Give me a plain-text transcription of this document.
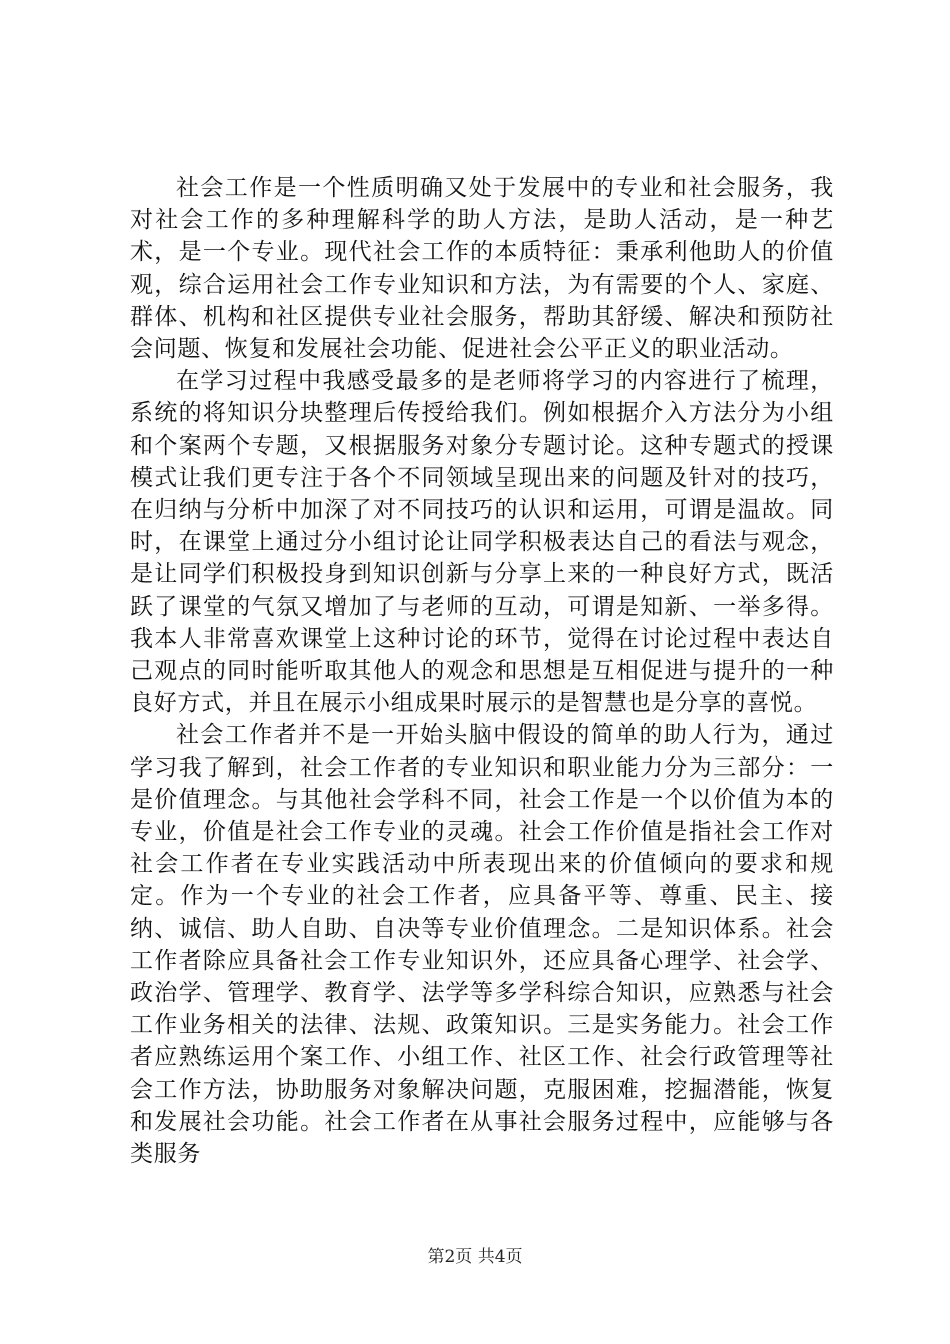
社会工作是一个性质明确又处于发展中的专业和社会服务，我对社会工作的多种理解科学的助人方法，是助人活动，是一种艺术，是一个专业。现代社会工作的本质特征：秉承利他助人的价值观，综合运用社会工作专业知识和方法，为有需要的个人、家庭、群体、机构和社区提供专业社会服务，帮助其舒缓、解决和预防社会问题、恢复和发展社会功能、促进社会公平正义的职业活动。

在学习过程中我感受最多的是老师将学习的内容进行了梳理，系统的将知识分块整理后传授给我们。例如根据介入方法分为小组和个案两个专题，又根据服务对象分专题讨论。这种专题式的授课模式让我们更专注于各个不同领域呈现出来的问题及针对的技巧，在归纳与分析中加深了对不同技巧的认识和运用，可谓是温故。同时，在课堂上通过分小组讨论让同学积极表达自己的看法与观念，是让同学们积极投身到知识创新与分享上来的一种良好方式，既活跃了课堂的气氛又增加了与老师的互动，可谓是知新、一举多得。我本人非常喜欢课堂上这种讨论的环节，觉得在讨论过程中表达自己观点的同时能听取其他人的观念和思想是互相促进与提升的一种良好方式，并且在展示小组成果时展示的是智慧也是分享的喜悦。

社会工作者并不是一开始头脑中假设的简单的助人行为，通过学习我了解到，社会工作者的专业知识和职业能力分为三部分：一是价值理念。与其他社会学科不同，社会工作是一个以价值为本的专业，价值是社会工作专业的灵魂。社会工作价值是指社会工作对社会工作者在专业实践活动中所表现出来的价值倾向的要求和规定。作为一个专业的社会工作者，应具备平等、尊重、民主、接纳、诚信、助人自助、自决等专业价值理念。二是知识体系。社会工作者除应具备社会工作专业知识外，还应具备心理学、社会学、政治学、管理学、教育学、法学等多学科综合知识，应熟悉与社会工作业务相关的法律、法规、政策知识。三是实务能力。社会工作者应熟练运用个案工作、小组工作、社区工作、社会行政管理等社会工作方法，协助服务对象解决问题，克服困难，挖掘潜能，恢复和发展社会功能。社会工作者在从事社会服务过程中，应能够与各类服务

第2页 共4页
